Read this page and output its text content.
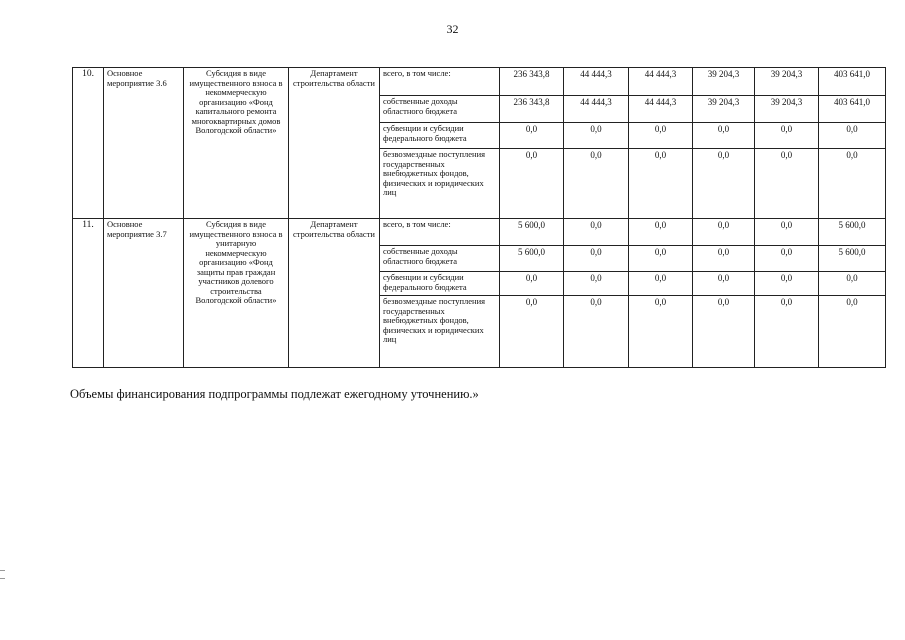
32
10.	Основное мероприятие 3.6	Субсидия в виде имущественного взноса в некоммерческую организацию «Фонд капитального ремонта многоквартирных домов Вологодской области»	Департамент строительства области	всего, в том числе:	236 343,8	44 444,3	44 444,3	39 204,3	39 204,3	403 641,0
				собственные доходы областного бюджета	236 343,8	44 444,3	44 444,3	39 204,3	39 204,3	403 641,0
				субвенции и субсидии федерального бюджета	0,0	0,0	0,0	0,0	0,0	0,0
				безвозмездные поступления государственных внебюджетных фондов, физических и юридических лиц	0,0	0,0	0,0	0,0	0,0	0,0
11.	Основное мероприятие 3.7	Субсидия в виде имущественного взноса в унитарную некоммерческую организацию «Фонд защиты прав граждан участников долевого строительства Вологодской области»	Департамент строительства области	всего, в том числе:	5 600,0	0,0	0,0	0,0	0,0	5 600,0
				собственные доходы областного бюджета	5 600,0	0,0	0,0	0,0	0,0	5 600,0
				субвенции и субсидии федерального бюджета	0,0	0,0	0,0	0,0	0,0	0,0
				безвозмездные поступления государственных внебюджетных фондов, физических и юридических лиц	0,0	0,0	0,0	0,0	0,0	0,0
Объемы финансирования подпрограммы подлежат ежегодному уточнению.»
